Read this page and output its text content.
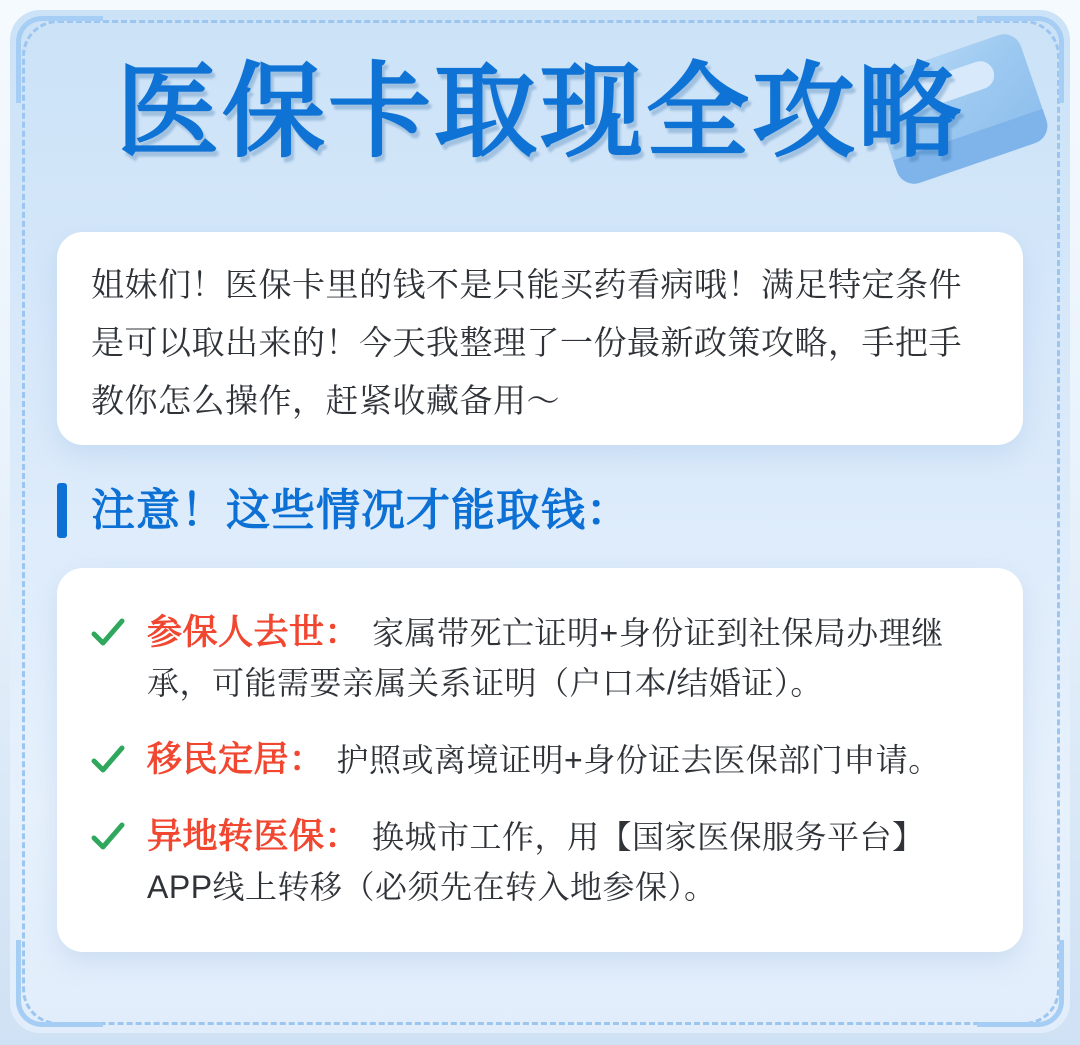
医保卡取现全攻略

姐妹们！医保卡里的钱不是只能买药看病哦！满足特定条件是可以取出来的！今天我整理了一份最新政策攻略，手把手教你怎么操作，赶紧收藏备用～

注意！这些情况才能取钱：
参保人去世： 家属带死亡证明+身份证到社保局办理继承，可能需要亲属关系证明（户口本/结婚证）。
移民定居： 护照或离境证明+身份证去医保部门申请。
异地转医保： 换城市工作，用【国家医保服务平台】APP线上转移（必须先在转入地参保）。
